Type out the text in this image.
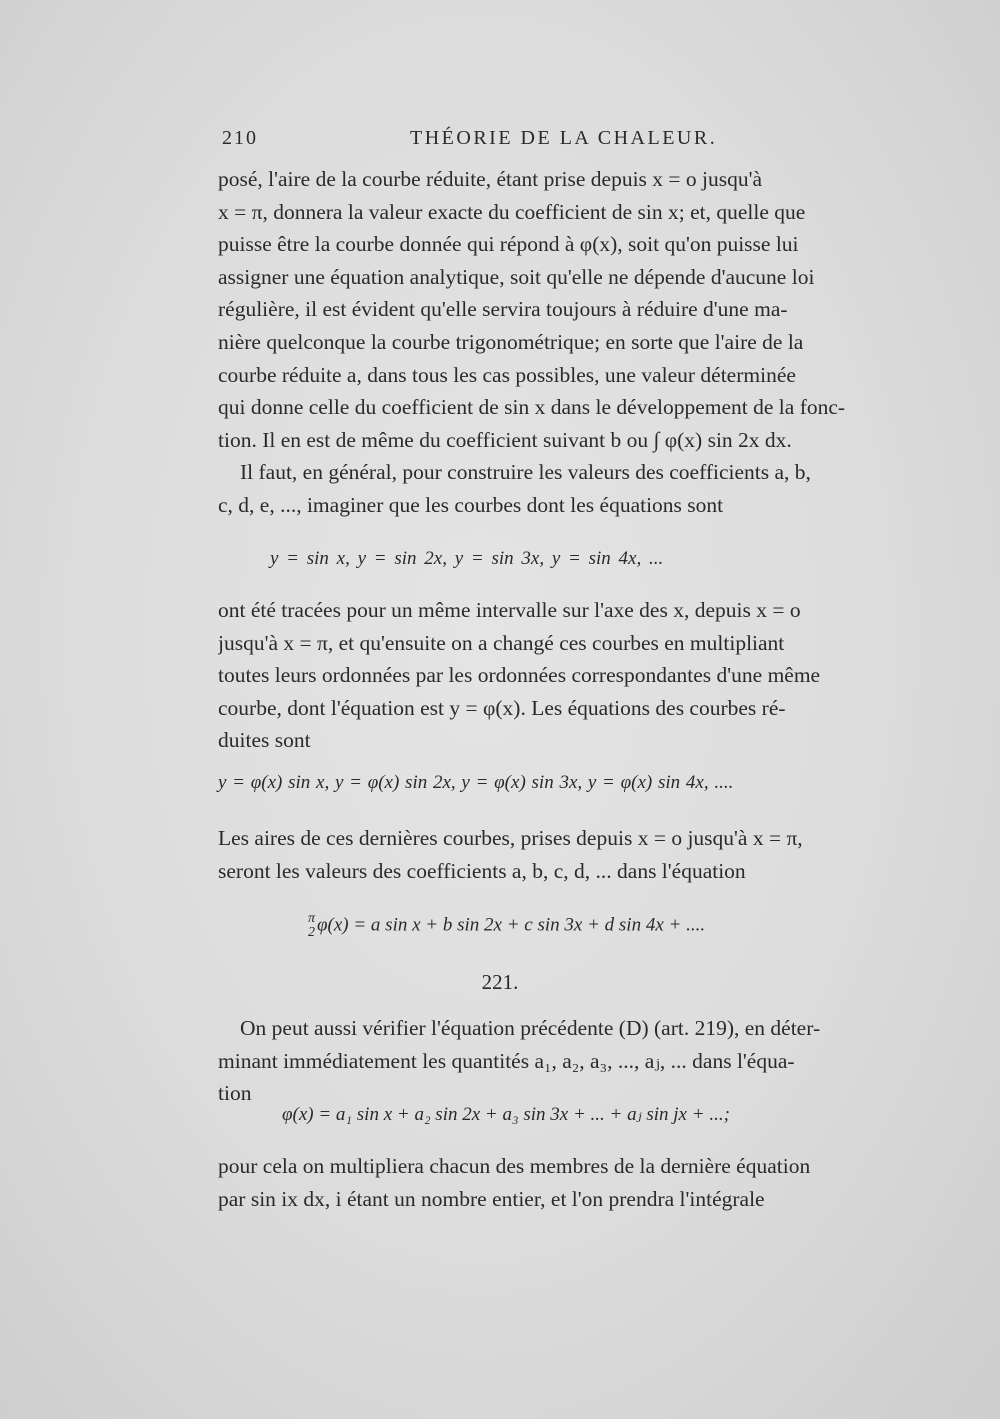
210	THÉORIE DE LA CHALEUR.
posé, l'aire de la courbe réduite, étant prise depuis x = o jusqu'à
x = π, donnera la valeur exacte du coefficient de sin x; et, quelle que
puisse être la courbe donnée qui répond à φ(x), soit qu'on puisse lui
assigner une équation analytique, soit qu'elle ne dépende d'aucune loi
régulière, il est évident qu'elle servira toujours à réduire d'une ma-
nière quelconque la courbe trigonométrique; en sorte que l'aire de la
courbe réduite a, dans tous les cas possibles, une valeur déterminée
qui donne celle du coefficient de sin x dans le développement de la fonc-
tion. Il en est de même du coefficient suivant b ou ∫ φ(x) sin 2x dx.
Il faut, en général, pour construire les valeurs des coefficients a, b,
c, d, e, ..., imaginer que les courbes dont les équations sont
y = sin x, y = sin 2x, y = sin 3x, y = sin 4x, ...
ont été tracées pour un même intervalle sur l'axe des x, depuis x = o
jusqu'à x = π, et qu'ensuite on a changé ces courbes en multipliant
toutes leurs ordonnées par les ordonnées correspondantes d'une même
courbe, dont l'équation est y = φ(x). Les équations des courbes ré-
duites sont
y = φ(x) sin x, y = φ(x) sin 2x, y = φ(x) sin 3x, y = φ(x) sin 4x, ....
Les aires de ces dernières courbes, prises depuis x = o jusqu'à x = π,
seront les valeurs des coefficients a, b, c, d, ... dans l'équation
π
2 φ(x) = a sin x + b sin 2x + c sin 3x + d sin 4x + ....
221.
On peut aussi vérifier l'équation précédente (D) (art. 219), en déter-
minant immédiatement les quantités a₁, a₂, a₃, ..., aⱼ, ... dans l'équa-
tion
φ(x) = a₁ sin x + a₂ sin 2x + a₃ sin 3x + ... + aⱼ sin jx + ...;
pour cela on multipliera chacun des membres de la dernière équation
par sin ix dx, i étant un nombre entier, et l'on prendra l'intégrale
